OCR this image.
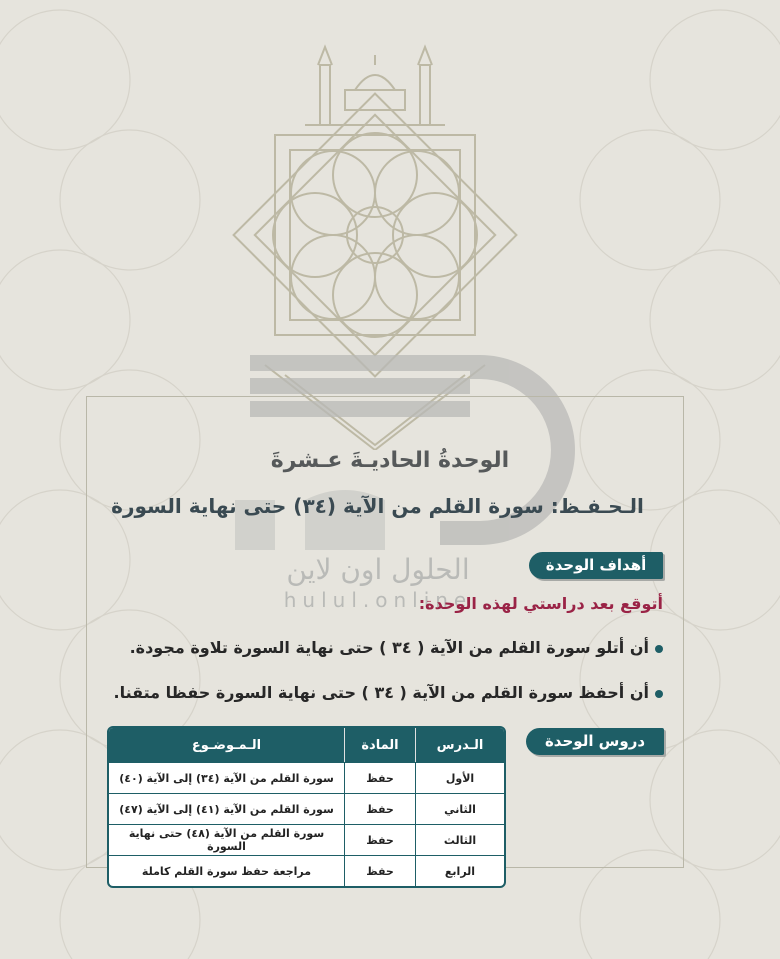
الحلول اون لاين
hulul.online
الوحدةُ الحاديـةَ عـشرةَ
الـحـفـظ: سورة القلم من الآية (٣٤) حتى نهاية السورة
أهداف الوحدة
أتوقع بعد دراستي لهذه الوحدة:
أن أتلو سورة القلم من الآية ( ٣٤ ) حتى نهاية السورة تلاوة مجودة.
أن أحفظ سورة القلم من الآية ( ٣٤ ) حتى نهاية السورة حفظا متقنا.
دروس الوحدة
الـدرس	المادة	الـمـوضـوع
الأول	حفظ	سورة القلم من الآية (٣٤) إلى الآية (٤٠)
الثاني	حفظ	سورة القلم من الآية (٤١) إلى الآية (٤٧)
الثالث	حفظ	سورة القلم من الآية (٤٨) حتى نهاية السورة
الرابع	حفظ	مراجعة حفظ سورة القلم كاملة
